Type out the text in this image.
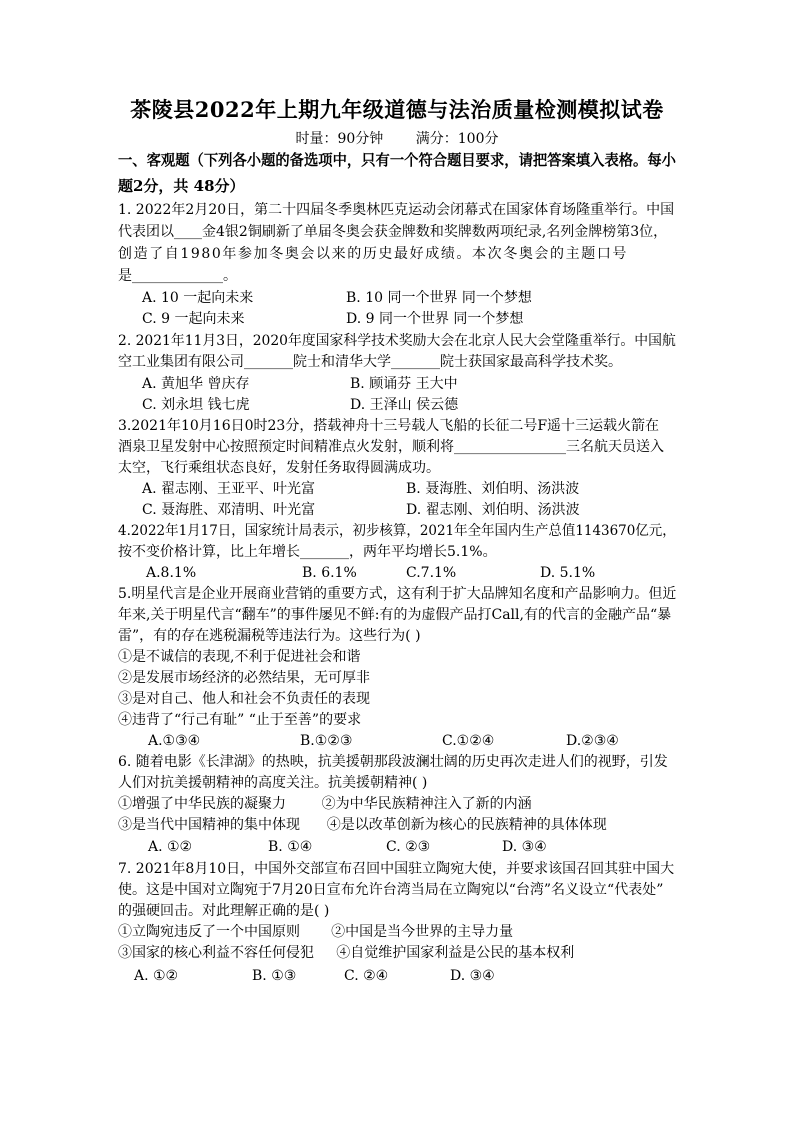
茶陵县2022年上期九年级道德与法治质量检测模拟试卷
时量：90分钟 满分：100分
一、客观题（下列各小题的备选项中，只有一个符合题目要求，请把答案填入表格。每小
题2分，共 48分）
1. 2022年2月20日，第二十四届冬季奥林匹克运动会闭幕式在国家体育场隆重举行。中国
代表团以____金4银2铜刷新了单届冬奥会获金牌数和奖牌数两项纪录,名列金牌榜第3位，
创造了自1980年参加冬奥会以来的历史最好成绩。本次冬奥会的主题口号
是_____________。
A. 10 一起向未来	B. 10 同一个世界 同一个梦想
C. 9 一起向未来	D. 9 同一个世界 同一个梦想
2. 2021年11月3日，2020年度国家科学技术奖励大会在北京人民大会堂隆重举行。中国航
空工业集团有限公司_______院士和清华大学_______院士获国家最高科学技术奖。
A. 黄旭华 曾庆存	B. 顾诵芬 王大中
C. 刘永坦 钱七虎	D. 王泽山 侯云德
3.2021年10月16日0时23分，搭载神舟十三号载人飞船的长征二号F遥十三运载火箭在
酒泉卫星发射中心按照预定时间精准点火发射，顺利将________________三名航天员送入
太空，飞行乘组状态良好，发射任务取得圆满成功。
A. 翟志刚、王亚平、叶光富	B. 聂海胜、刘伯明、汤洪波
C. 聂海胜、邓清明、叶光富	D. 翟志刚、刘伯明、汤洪波
4.2022年1月17日，国家统计局表示，初步核算，2021年全年国内生产总值1143670亿元，
按不变价格计算，比上年增长_______，两年平均增长5.1%。
A.8.1%	B. 6.1%	C.7.1%	D. 5.1%
5.明星代言是企业开展商业营销的重要方式，这有利于扩大品牌知名度和产品影响力。但近
年来,关于明星代言“翻车”的事件屡见不鲜:有的为虚假产品打Call,有的代言的金融产品“暴
雷”，有的存在逃税漏税等违法行为。这些行为( )
①是不诚信的表现,不利于促进社会和谐
②是发展市场经济的必然结果，无可厚非
③是对自己、他人和社会不负责任的表现
④违背了“行己有耻” “止于至善”的要求
A.①③④	B.①②③	C.①②④	D.②③④
6. 随着电影《长津湖》的热映，抗美援朝那段波澜壮阔的历史再次走进人们的视野，引发
人们对抗美援朝精神的高度关注。抗美援朝精神( )
①增强了中华民族的凝聚力        ②为中华民族精神注入了新的内涵
③是当代中国精神的集中体现      ④是以改革创新为核心的民族精神的具体体现
A. ①②	B. ①④	C. ②③	D. ③④
7. 2021年8月10日，中国外交部宣布召回中国驻立陶宛大使，并要求该国召回其驻中国大
使。这是中国对立陶宛于7月20日宣布允许台湾当局在立陶宛以“台湾”名义设立“代表处”
的强硬回击。对此理解正确的是( )
①立陶宛违反了一个中国原则       ②中国是当今世界的主导力量
③国家的核心利益不容任何侵犯     ④自觉维护国家利益是公民的基本权利
A. ①②	B. ①③	C. ②④	D. ③④
